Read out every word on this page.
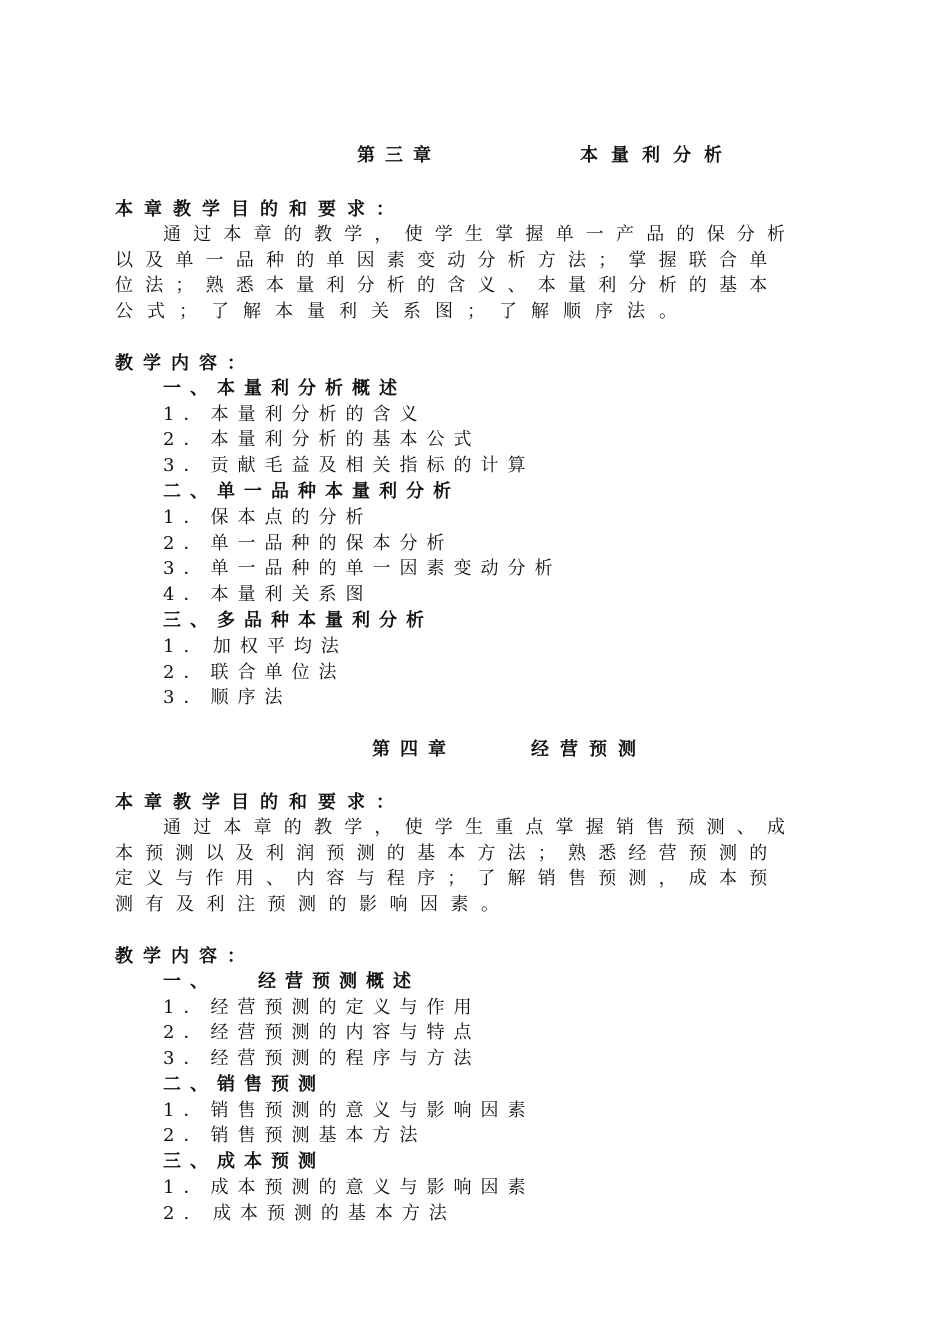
第三章	本量利分析
本章教学目的和要求：
通过本章的教学，使学生掌握单一产品的保分析
以及单一品种的单因素变动分析方法；掌握联合单
位法；熟悉本量利分析的含义、本量利分析的基本
公式；了解本量利关系图；了解顺序法。
教学内容：
一、本量利分析概述
1．本量利分析的含义
2．本量利分析的基本公式
3．贡献毛益及相关指标的计算
二、单一品种本量利分析
1．保本点的分析
2．单一品种的保本分析
3．单一品种的单一因素变动分析
4．本量利关系图
三、多品种本量利分析
1. 加权平均法
2．联合单位法
3．顺序法
第四章	经营预测
本章教学目的和要求：
通过本章的教学，使学生重点掌握销售预测、成
本预测以及利润预测的基本方法；熟悉经营预测的
定义与作用、内容与程序；了解销售预测，成本预
测有及利注预测的影响因素。
教学内容：
一、 经营预测概述
1．经营预测的定义与作用
2．经营预测的内容与特点
3．经营预测的程序与方法
二、销售预测
1．销售预测的意义与影响因素
2．销售预测基本方法
三、成本预测
1．成本预测的意义与影响因素
2. 成本预测的基本方法
